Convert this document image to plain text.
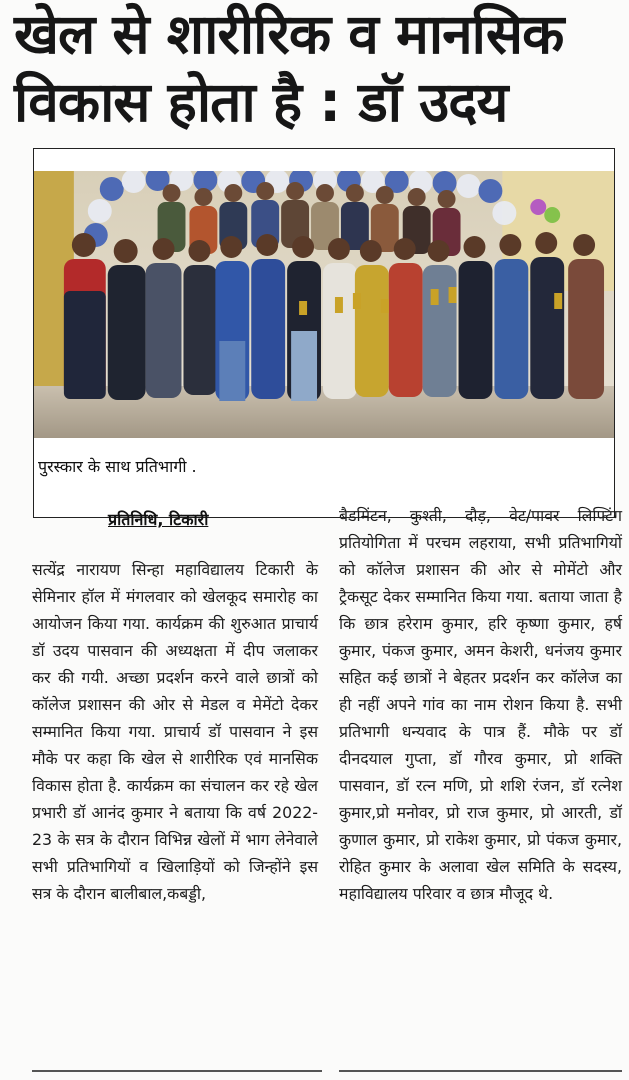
खेल से शारीरिक व मानसिक
विकास होता है : डॉ उदय
पुरस्कार के साथ प्रतिभागी .
प्रतिनिधि, टिकारी

सत्येंद्र नारायण सिन्हा महाविद्यालय टिकारी के सेमिनार हॉल में मंगलवार को खेलकूद समारोह का आयोजन किया गया. कार्यक्रम की शुरुआत प्राचार्य डॉ उदय पासवान की अध्यक्षता में दीप जलाकर कर की गयी. अच्छा प्रदर्शन करने वाले छात्रों को कॉलेज प्रशासन की ओर से मेडल व मेमेंटो देकर सम्मानित किया गया. प्राचार्य डॉ पासवान ने इस मौके पर कहा कि खेल से शारीरिक एवं मानसिक विकास होता है. कार्यक्रम का संचालन कर रहे खेल प्रभारी डॉ आनंद कुमार ने बताया कि वर्ष 2022-23 के सत्र के दौरान विभिन्न खेलों में भाग लेनेवाले सभी प्रतिभागियों व खिलाड़ियों को जिन्होंने इस सत्र के दौरान बालीबाल,कबड्डी,

बैडमिंटन, कुश्ती, दौड़, वेट/पावर लिफ्टिंग प्रतियोगिता में परचम लहराया, सभी प्रतिभागियों को कॉलेज प्रशासन की ओर से मोमेंटो और ट्रैकसूट देकर सम्मानित किया गया. बताया जाता है कि छात्र हरेराम कुमार, हरि कृष्णा कुमार, हर्ष कुमार, पंकज कुमार, अमन केशरी, धनंजय कुमार सहित कई छात्रों ने बेहतर प्रदर्शन कर कॉलेज का ही नहीं अपने गांव का नाम रोशन किया है. सभी प्रतिभागी धन्यवाद के पात्र हैं. मौके पर डॉ दीनदयाल गुप्ता, डॉ गौरव कुमार, प्रो शक्ति पासवान, डॉ रत्न मणि, प्रो शशि रंजन, डॉ रत्नेश कुमार,प्रो मनोवर, प्रो राज कुमार, प्रो आरती, डॉ कुणाल कुमार, प्रो राकेश कुमार, प्रो पंकज कुमार, रोहित कुमार के अलावा खेल समिति के सदस्य, महाविद्यालय परिवार व छात्र मौजूद थे.
